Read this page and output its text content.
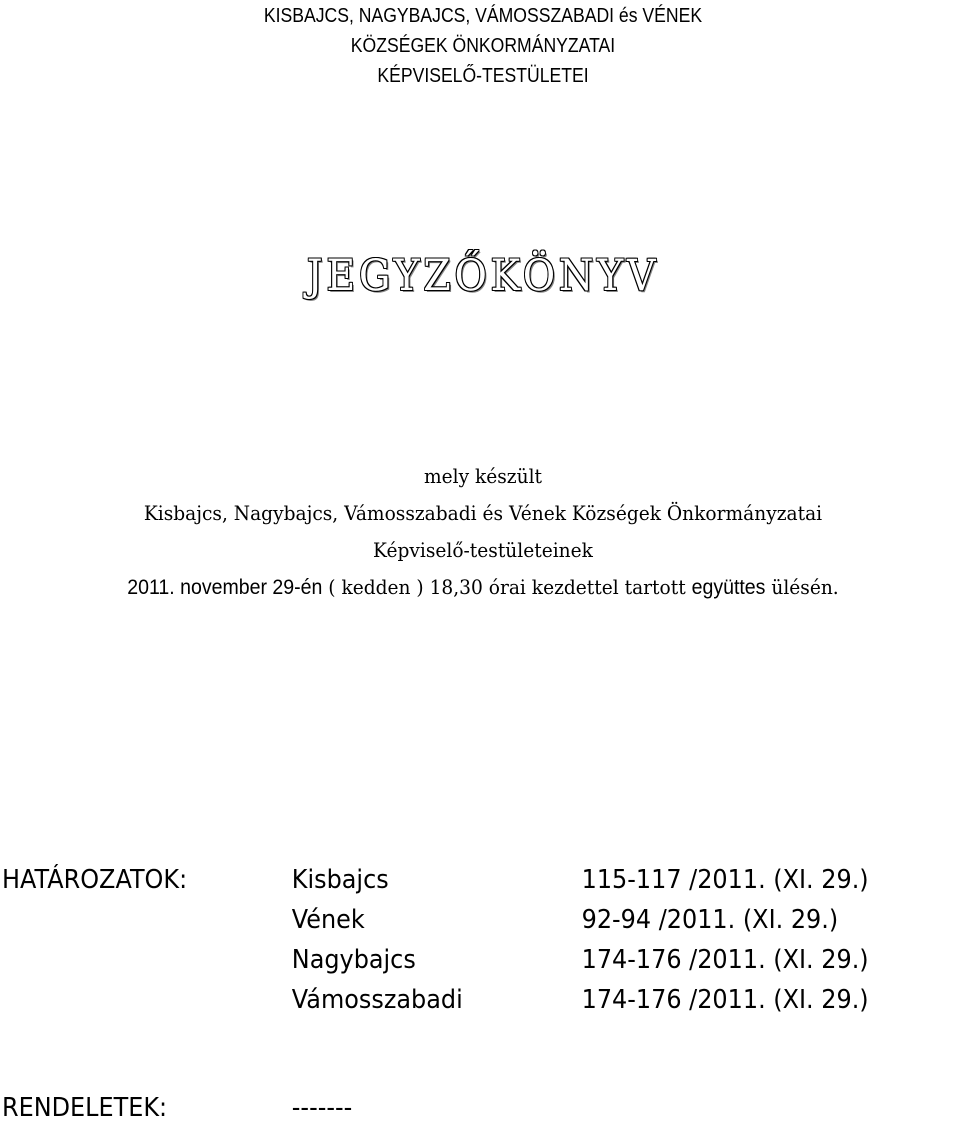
KISBAJCS, NAGYBAJCS, VÁMOSSZABADI és VÉNEK
KÖZSÉGEK ÖNKORMÁNYZATAI
KÉPVISELŐ-TESTÜLETEI
JEGYZŐKÖNYV
mely készült
Kisbajcs, Nagybajcs, Vámosszabadi és Vének Községek Önkormányzatai
Képviselő-testületeinek
2011. november 29-én ( kedden ) 18,30 órai kezdettel tartott együttes ülésén.
HATÁROZATOK:	Kisbajcs	115-117 /2011. (XI. 29.)
Vének	92-94 /2011. (XI. 29.)
Nagybajcs	174-176 /2011. (XI. 29.)
Vámosszabadi	174-176 /2011. (XI. 29.)
RENDELETEK:	-------
